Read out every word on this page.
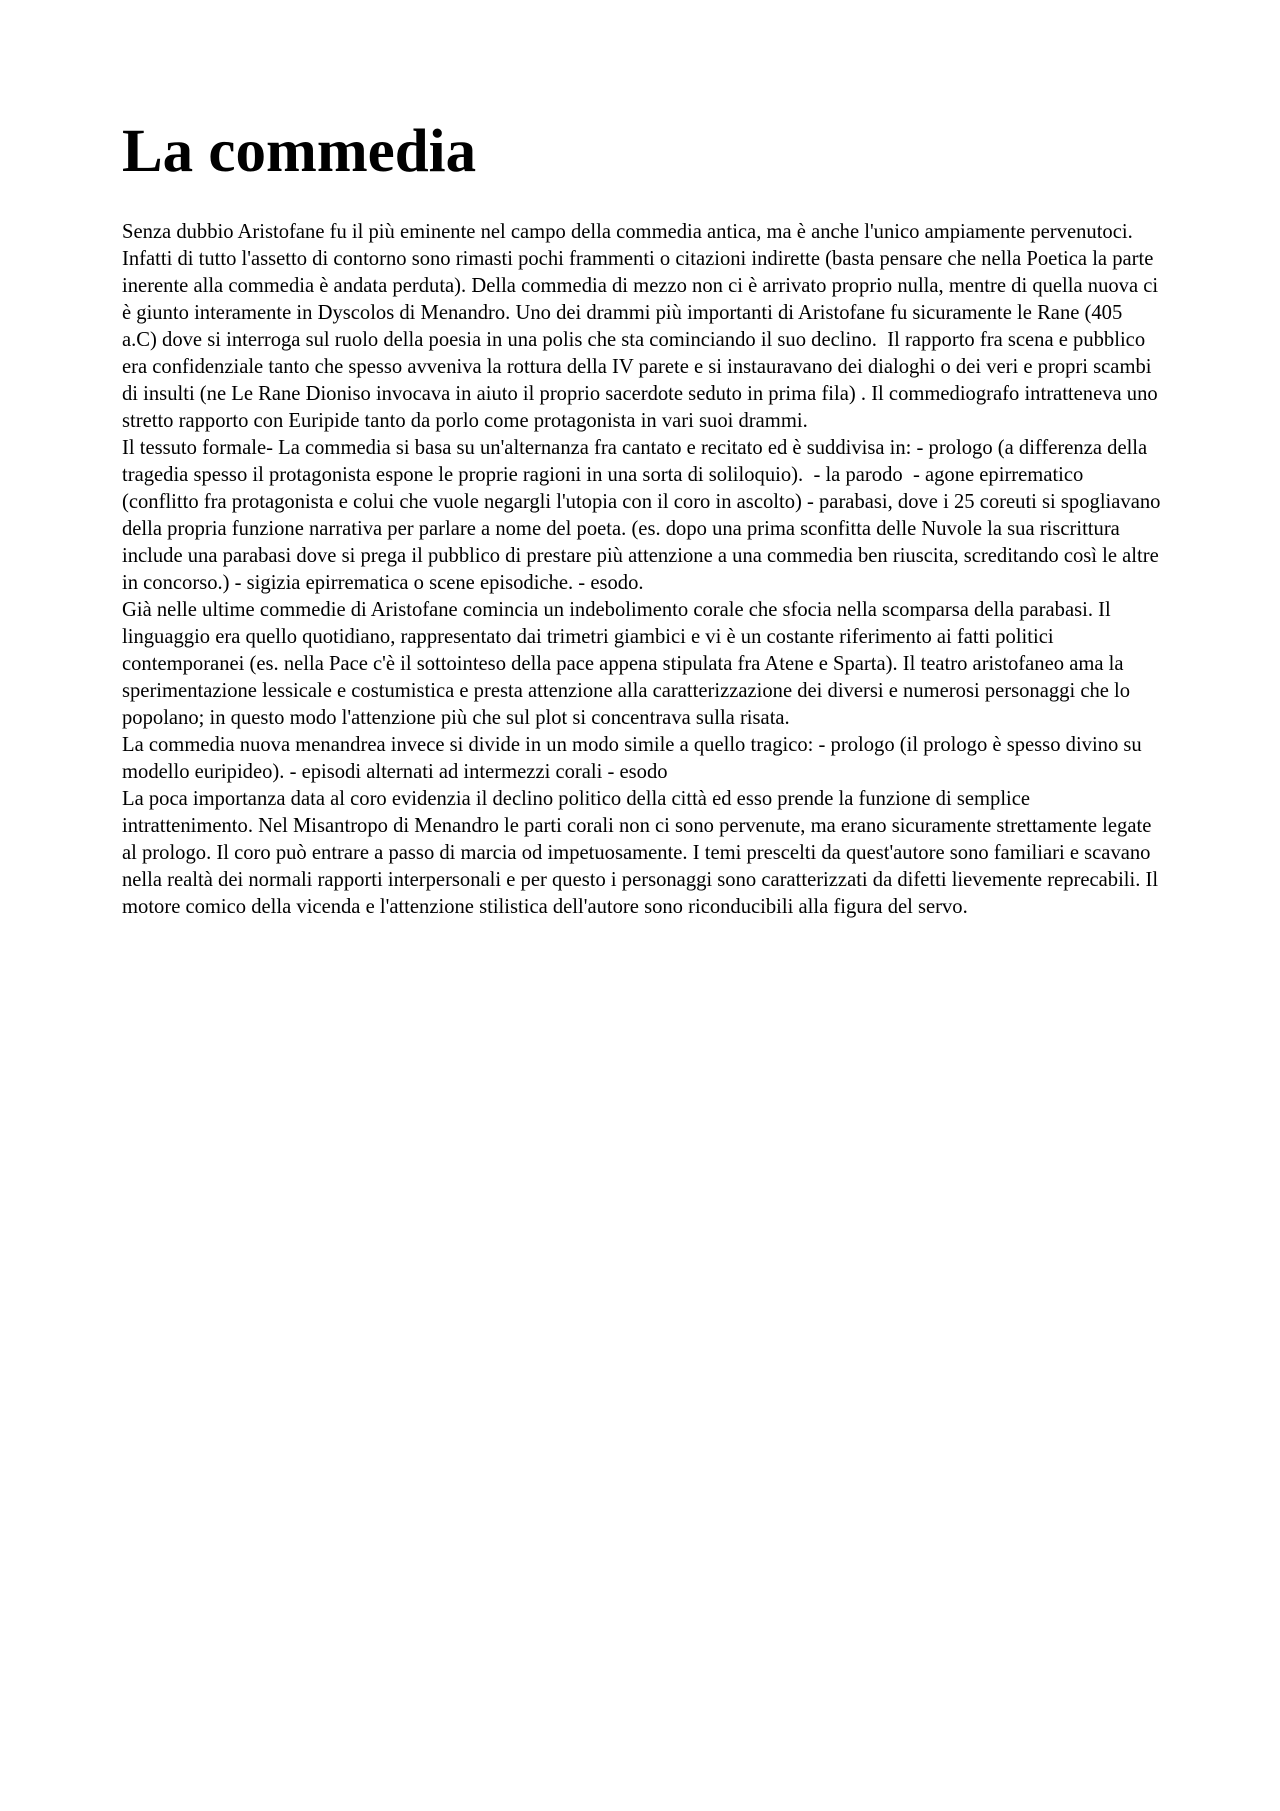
La commedia

Senza dubbio Aristofane fu il più eminente nel campo della commedia antica, ma è anche l'unico ampiamente pervenutoci. Infatti di tutto l'assetto di contorno sono rimasti pochi frammenti o citazioni indirette (basta pensare che nella Poetica la parte inerente alla commedia è andata perduta). Della commedia di mezzo non ci è arrivato proprio nulla, mentre di quella nuova ci è giunto interamente in Dyscolos di Menandro. Uno dei drammi più importanti di Aristofane fu sicuramente le Rane (405 a.C) dove si interroga sul ruolo della poesia in una polis che sta cominciando il suo declino.  Il rapporto fra scena e pubblico era confidenziale tanto che spesso avveniva la rottura della IV parete e si instauravano dei dialoghi o dei veri e propri scambi di insulti (ne Le Rane Dioniso invocava in aiuto il proprio sacerdote seduto in prima fila) . Il commediografo intratteneva uno stretto rapporto con Euripide tanto da porlo come protagonista in vari suoi drammi.

Il tessuto formale- La commedia si basa su un'alternanza fra cantato e recitato ed è suddivisa in: - prologo (a differenza della tragedia spesso il protagonista espone le proprie ragioni in una sorta di soliloquio).  - la parodo  - agone epirrematico (conflitto fra protagonista e colui che vuole negargli l'utopia con il coro in ascolto) - parabasi, dove i 25 coreuti si spogliavano della propria funzione narrativa per parlare a nome del poeta. (es. dopo una prima sconfitta delle Nuvole la sua riscrittura include una parabasi dove si prega il pubblico di prestare più attenzione a una commedia ben riuscita, screditando così le altre in concorso.) - sigizia epirrematica o scene episodiche. - esodo.

Già nelle ultime commedie di Aristofane comincia un indebolimento corale che sfocia nella scomparsa della parabasi. Il linguaggio era quello quotidiano, rappresentato dai trimetri giambici e vi è un costante riferimento ai fatti politici contemporanei (es. nella Pace c'è il sottointeso della pace appena stipulata fra Atene e Sparta). Il teatro aristofaneo ama la sperimentazione lessicale e costumistica e presta attenzione alla caratterizzazione dei diversi e numerosi personaggi che lo popolano; in questo modo l'attenzione più che sul plot si concentrava sulla risata.

La commedia nuova menandrea invece si divide in un modo simile a quello tragico: - prologo (il prologo è spesso divino su modello euripideo). - episodi alternati ad intermezzi corali - esodo

La poca importanza data al coro evidenzia il declino politico della città ed esso prende la funzione di semplice intrattenimento. Nel Misantropo di Menandro le parti corali non ci sono pervenute, ma erano sicuramente strettamente legate al prologo. Il coro può entrare a passo di marcia od impetuosamente. I temi prescelti da quest'autore sono familiari e scavano nella realtà dei normali rapporti interpersonali e per questo i personaggi sono caratterizzati da difetti lievemente reprecabili. Il motore comico della vicenda e l'attenzione stilistica dell'autore sono riconducibili alla figura del servo.
